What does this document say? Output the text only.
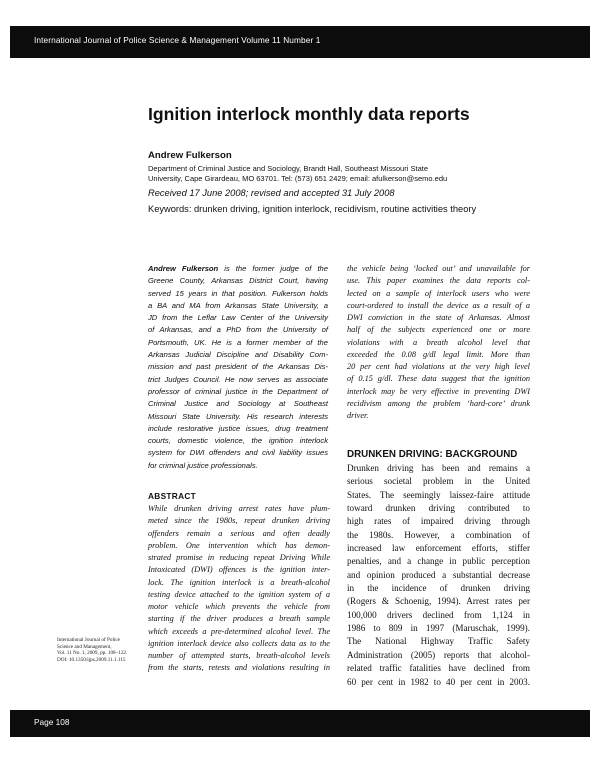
International Journal of Police Science & Management Volume 11 Number 1
Ignition interlock monthly data reports
Andrew Fulkerson
Department of Criminal Justice and Sociology, Brandt Hall, Southeast Missouri State
University, Cape Girardeau, MO 63701. Tel: (573) 651 2429; email: afulkerson@semo.edu
Received 17 June 2008; revised and accepted 31 July 2008
Keywords: drunken driving, ignition interlock, recidivism, routine activities theory
Andrew Fulkerson is the former judge of the
Greene County, Arkansas District Court, having
served 15 years in that position. Fulkerson holds
a BA and MA from Arkansas State University, a
JD from the Leflar Law Center of the University
of Arkansas, and a PhD from the University of
Portsmouth, UK. He is a former member of the
Arkansas Judicial Discipline and Disability Com-
mission and past president of the Arkansas Dis-
trict Judges Council. He now serves as associate
professor of criminal justice in the Department of
Criminal Justice and Sociology at Southeast
Missouri State University. His research interests
include restorative justice issues, drug treatment
courts, domestic violence, the ignition interlock
system for DWI offenders and civil liability issues
for criminal justice professionals.
ABSTRACT
While drunken driving arrest rates have plum-
meted since the 1980s, repeat drunken driving
offenders remain a serious and often deadly
problem. One intervention which has demon-
strated promise in reducing repeat Driving While
Intoxicated (DWI) offences is the ignition inter-
lock. The ignition interlock is a breath-alcohol
testing device attached to the ignition system of a
motor vehicle which prevents the vehicle from
starting if the driver produces a breath sample
which exceeds a pre-determined alcohol level. The
ignition interlock device also collects data as to the
number of attempted starts, breath-alcohol levels
from the starts, retests and violations resulting in
the vehicle being ‘locked out’ and unavailable for
use. This paper examines the data reports col-
lected on a sample of interlock users who were
court-ordered to install the device as a result of a
DWI conviction in the state of Arkansas. Almost
half of the subjects experienced one or more
violations with a breath alcohol level that
exceeded the 0.08 g/dl legal limit. More than
20 per cent had violations at the very high level
of 0.15 g/dl. These data suggest that the ignition
interlock may be very effective in preventing DWI
recidivism among the problem ‘hard-core’ drunk
driver.
International Journal of Police
Science and Management,
Vol. 11 No. 1, 2009, pp. 108–122.
DOI: 10.1350/ijps.2009.11.1.115
DRUNKEN DRIVING: BACKGROUND
Drunken driving has been and remains a
serious societal problem in the United
States. The seemingly laissez-faire attitude
toward drunken driving contributed to
high rates of impaired driving through
the 1980s. However, a combination of
increased law enforcement efforts, stiffer
penalties, and a change in public perception
and opinion produced a substantial decrease
in the incidence of drunken driving
(Rogers & Schoenig, 1994). Arrest rates per
100,000 drivers declined from 1,124 in
1986 to 809 in 1997 (Maruschak, 1999).
The National Highway Traffic Safety
Administration (2005) reports that alcohol-
related traffic fatalities have declined from
60 per cent in 1982 to 40 per cent in 2003.
Page 108
